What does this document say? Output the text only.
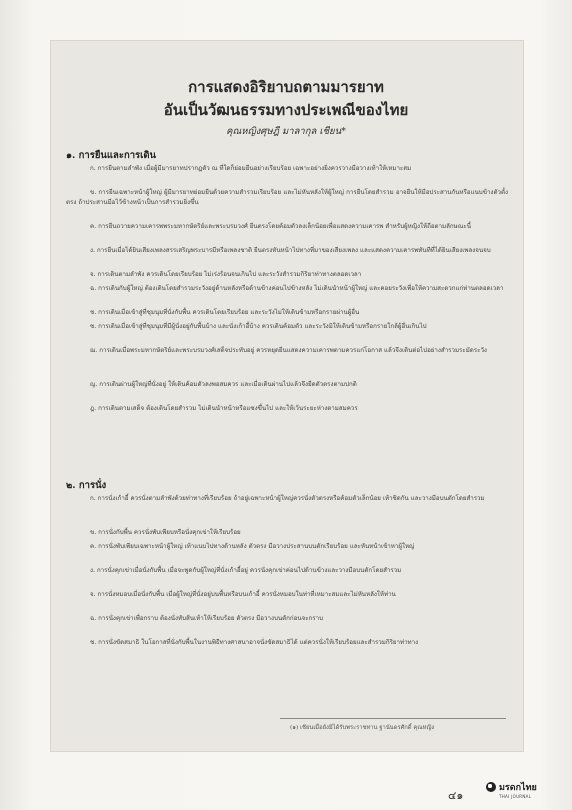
การแสดงอิริยาบถตามมารยาท
อันเป็นวัฒนธรรมทางประเพณีของไทย
คุณหญิงศุษฎี มาลากุล เชียน*
๑. การยืนและการเดิน
ก. การยืนตามลำพัง เมื่อผู้มีมารยาทปรากฏตัว ณ ที่ใดก็ย่อมยืนอย่างเรียบร้อย เฉพาะอย่างยิ่งควรวางมือวางเท้าให้เหมาะสม
ข. การยืนเฉพาะหน้าผู้ใหญ่ ผู้มีมารยาทย่อมยืนด้วยความสำรวมเรียบร้อย และไม่หันหลังให้ผู้ใหญ่ การยืนโดยสำรวม อาจยืนให้มือประสานกันหรือแนบข้างตัวตั้งตรง ถ้าประสานมือไว้ข้างหน้าเป็นการสำรวมยิ่งขึ้น
ค. การยืนถวายความเคารพพระมหากษัตริย์และพระบรมวงศ์ ยืนตรงโดยค้อมตัวลงเล็กน้อยเพื่อแสดงความเคารพ สำหรับผู้หญิงให้ถือตามลักษณะนี้
ง. การยืนเมื่อได้ยินเสียงเพลงสรรเสริญพระบารมีหรือเพลงชาติ ยืนตรงหันหน้าไปทางที่มาของเสียงเพลง และแสดงความเคารพทันทีที่ได้ยินเสียงเพลงจนจบ
จ. การเดินตามลำพัง ควรเดินโดยเรียบร้อย ไม่เร่งร้อนจนเกินไป และระวังสำรวมกิริยาท่าทางตลอดเวลา
ฉ. การเดินกับผู้ใหญ่ ต้องเดินโดยสำรวมระวังอยู่ด้านหลังหรือด้านข้างค่อนไปข้างหลัง ไม่เดินนำหน้าผู้ใหญ่ และคอยระวังเพื่อให้ความสะดวกแก่ท่านตลอดเวลา
ช. การเดินเมื่อเข้าสู่ที่ชุมนุมที่นั่งกับพื้น ควรเดินโดยเรียบร้อย และระวังไม่ให้เดินข้ามหรือกรายผ่านผู้อื่น
ซ. การเดินเมื่อเข้าสู่ที่ชุมนุมที่มีผู้นั่งอยู่กับพื้นบ้าง และนั่งเก้าอี้บ้าง ควรเดินค้อมตัว และระวังมิให้เดินข้ามหรือกรายใกล้ผู้อื่นเกินไป
ฌ. การเดินเมื่อพระมหากษัตริย์และพระบรมวงศ์เสด็จประทับอยู่ ควรหยุดยืนแสดงความเคารพตามควรแก่โอกาส แล้วจึงเดินต่อไปอย่างสำรวมระมัดระวัง
ญ. การเดินผ่านผู้ใหญ่ที่นั่งอยู่ ให้เดินค้อมตัวลงพอสมควร และเมื่อเดินผ่านไปแล้วจึงยืดตัวตรงตามปกติ
ฎ. การเดินตามเสด็จ ต้องเดินโดยสำรวม ไม่เดินนำหน้าหรือแซงขึ้นไป และให้เว้นระยะห่างตามสมควร
๒. การนั่ง
ก. การนั่งเก้าอี้ ควรนั่งตามลำพังด้วยท่าทางที่เรียบร้อย ถ้าอยู่เฉพาะหน้าผู้ใหญ่ควรนั่งตัวตรงหรือค้อมตัวเล็กน้อย เท้าชิดกัน และวางมือบนตักโดยสำรวม
ข. การนั่งกับพื้น ควรนั่งพับเพียบหรือนั่งคุกเข่าให้เรียบร้อย
ค. การนั่งพับเพียบเฉพาะหน้าผู้ใหญ่ เท้าแนบไปทางด้านหลัง ตัวตรง มือวางประสานบนตักเรียบร้อย และหันหน้าเข้าหาผู้ใหญ่
ง. การนั่งคุกเข่าเมื่อนั่งกับพื้น เมื่อจะพูดกับผู้ใหญ่ที่นั่งเก้าอี้อยู่ ควรนั่งคุกเข่าค่อนไปด้านข้างและวางมือบนตักโดยสำรวม
จ. การนั่งหมอบเมื่อนั่งกับพื้น เมื่อผู้ใหญ่ที่นั่งอยู่บนพื้นหรือบนเก้าอี้ ควรนั่งหมอบในท่าที่เหมาะสมและไม่หันหลังให้ท่าน
ฉ. การนั่งคุกเข่าเพื่อกราบ ต้องนั่งทับส้นเท้าให้เรียบร้อย ตัวตรง มือวางบนตักก่อนจะกราบ
ช. การนั่งขัดสมาธิ ในโอกาสที่นั่งกับพื้นในงานพิธีทางศาสนาอาจนั่งขัดสมาธิได้ แต่ควรนั่งให้เรียบร้อยและสำรวมกิริยาท่าทาง
(๑) เชียนเมื่อยังมิได้รับพระราชทาน ฐานันดรศักดิ์ คุณหญิง
๔๑
มรดกไทย
THAI JOURNAL
